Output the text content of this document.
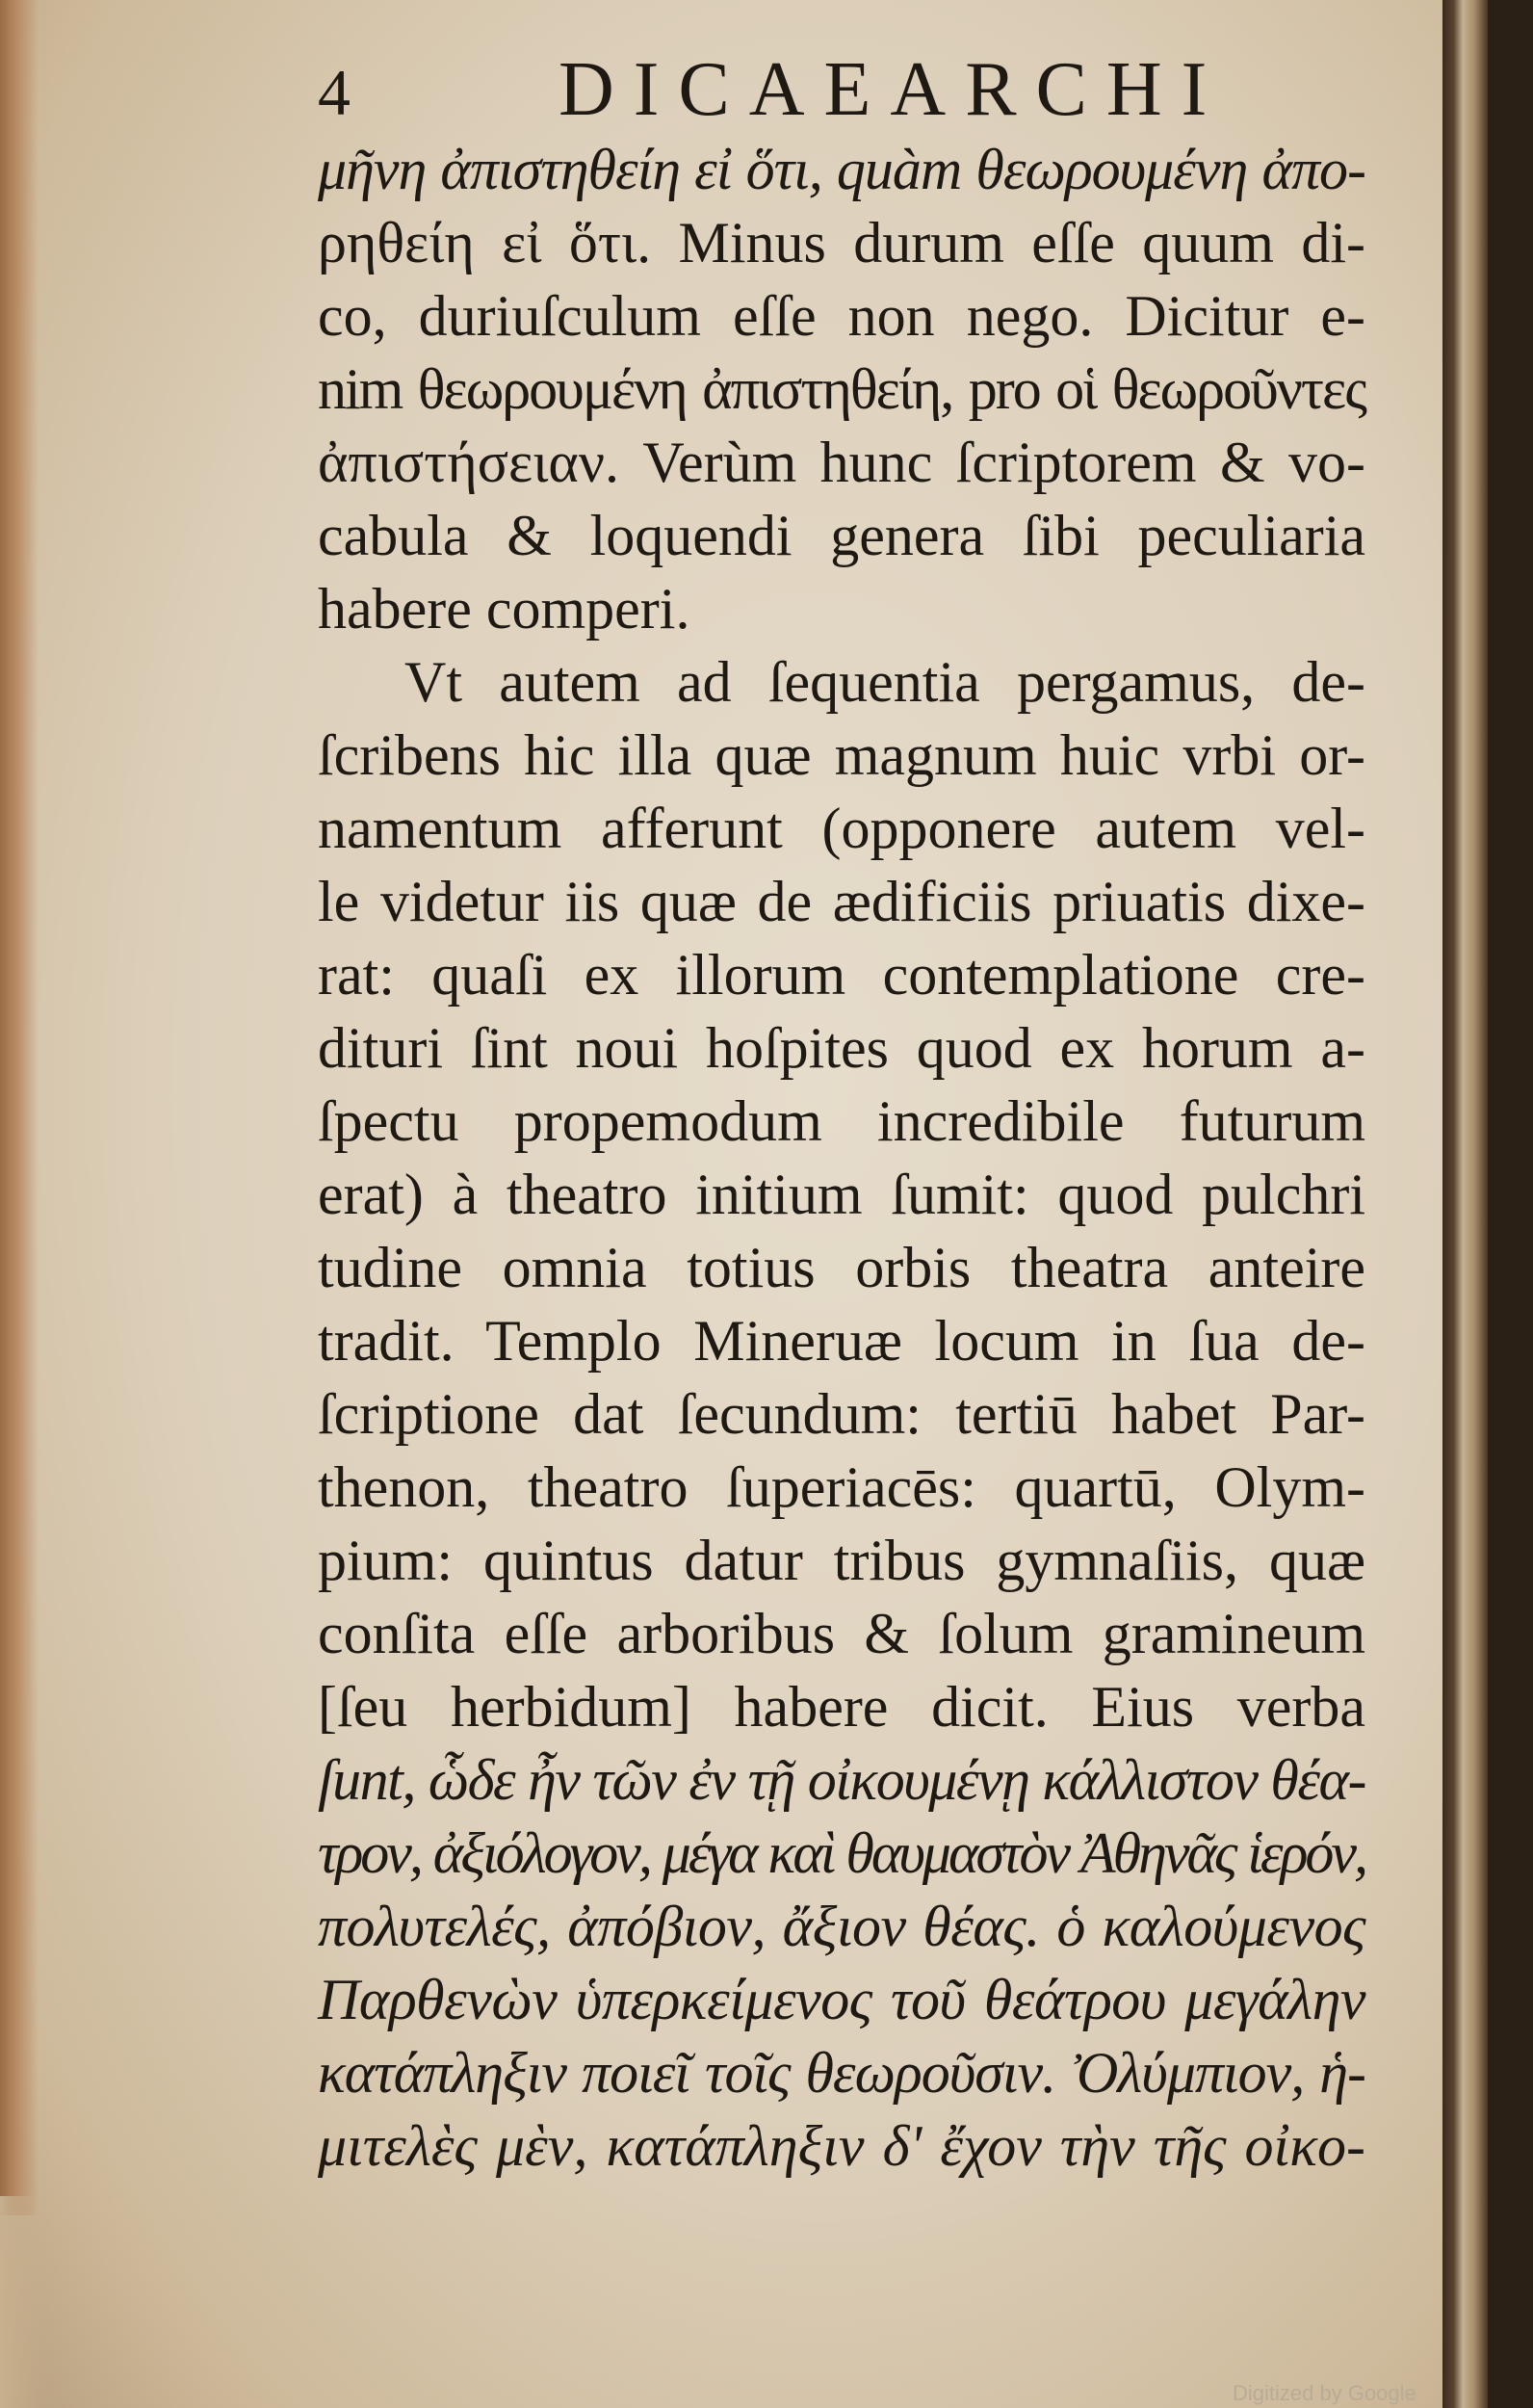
4	DICAEARCHI
μῆνη ἀπιστηθείη εἰ ὅτι, quàm θεωρουμένη ἀπο-
ρηθείη εἰ ὅτι. Minus durum eſſe quum di-
co, duriuſculum eſſe non nego. Dicitur e-
nim θεωρουμένη ἀπιστηθείη, pro οἱ θεωροῦντες
ἀπιστήσειαν. Verùm hunc ſcriptorem & vo-
cabula & loquendi genera ſibi peculiaria
habere comperi.
Vt autem ad ſequentia pergamus, de-
ſcribens hic illa quæ magnum huic vrbi or-
namentum afferunt (opponere autem vel-
le videtur iis quæ de ædificiis priuatis dixe-
rat: quaſi ex illorum contemplatione cre-
dituri ſint noui hoſpites quod ex horum a-
ſpectu propemodum incredibile futurum
erat) à theatro initium ſumit: quod pulchri
tudine omnia totius orbis theatra anteire
tradit. Templo Mineruæ locum in ſua de-
ſcriptione dat ſecundum: tertiū habet Par-
thenon, theatro ſuperiacēs: quartū, Olym-
pium: quintus datur tribus gymnaſiis, quæ
conſita eſſe arboribus & ſolum gramineum
[ſeu herbidum] habere dicit. Eius verba
ſunt, ὧδε ἦν τῶν ἐν τῇ οἰκουμένῃ κάλλιστον θέα-
τρον, ἀξιόλογον, μέγα καὶ θαυμαστὸν Ἀθηνᾶς ἱερόν,
πολυτελές, ἀπόβιον, ἄξιον θέας. ὁ καλούμενος
Παρθενὼν ὑπερκείμενος τοῦ θεάτρου μεγάλην
κατάπληξιν ποιεῖ τοῖς θεωροῦσιν. Ὀλύμπιον, ἡ-
μιτελὲς μὲν, κατάπληξιν δ' ἔχον τὴν τῆς οἰκο-
Digitized by Google
